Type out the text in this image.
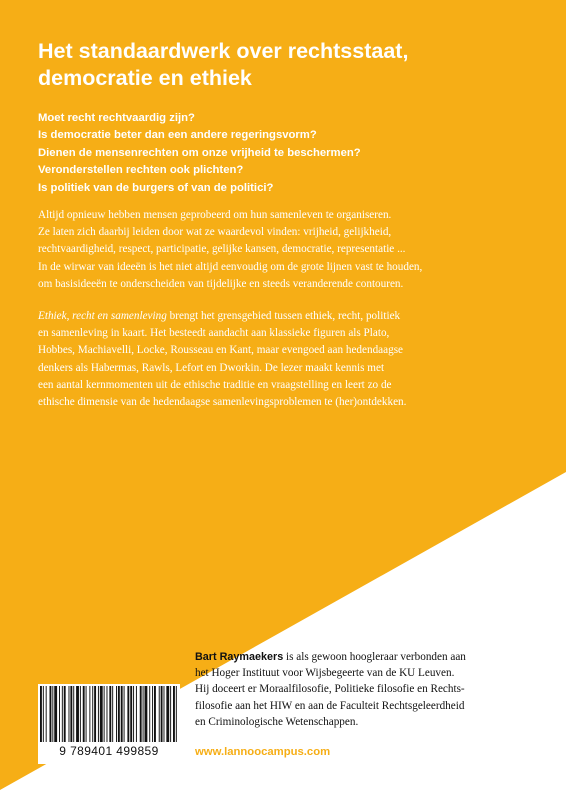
Het standaardwerk over rechtsstaat,
democratie en ethiek
Moet recht rechtvaardig zijn?
Is democratie beter dan een andere regeringsvorm?
Dienen de mensenrechten om onze vrijheid te beschermen?
Veronderstellen rechten ook plichten?
Is politiek van de burgers of van de politici?

Altijd opnieuw hebben mensen geprobeerd om hun samenleven te organiseren.
Ze laten zich daarbij leiden door wat ze waardevol vinden: vrijheid, gelijkheid,
rechtvaardigheid, respect, participatie, gelijke kansen, democratie, representatie ...
In de wirwar van ideeën is het niet altijd eenvoudig om de grote lijnen vast te houden,
om basisideeën te onderscheiden van tijdelijke en steeds veranderende contouren.

Ethiek, recht en samenleving brengt het grensgebied tussen ethiek, recht, politiek
en samenleving in kaart. Het besteedt aandacht aan klassieke figuren als Plato,
Hobbes, Machiavelli, Locke, Rousseau en Kant, maar evengoed aan hedendaagse
denkers als Habermas, Rawls, Lefort en Dworkin. De lezer maakt kennis met
een aantal kernmomenten uit de ethische traditie en vraagstelling en leert zo de
ethische dimensie van de hedendaagse samenlevingsproblemen te (her)ontdekken.

9 789401 499859

Bart Raymaekers is als gewoon hoogleraar verbonden aan
het Hoger Instituut voor Wijsbegeerte van de KU Leuven.
Hij doceert er Moraalfilosofie, Politieke filosofie en Rechts-
filosofie aan het HIW en aan de Faculteit Rechtsgeleerdheid
en Criminologische Wetenschappen.

www.lannoocampus.com
